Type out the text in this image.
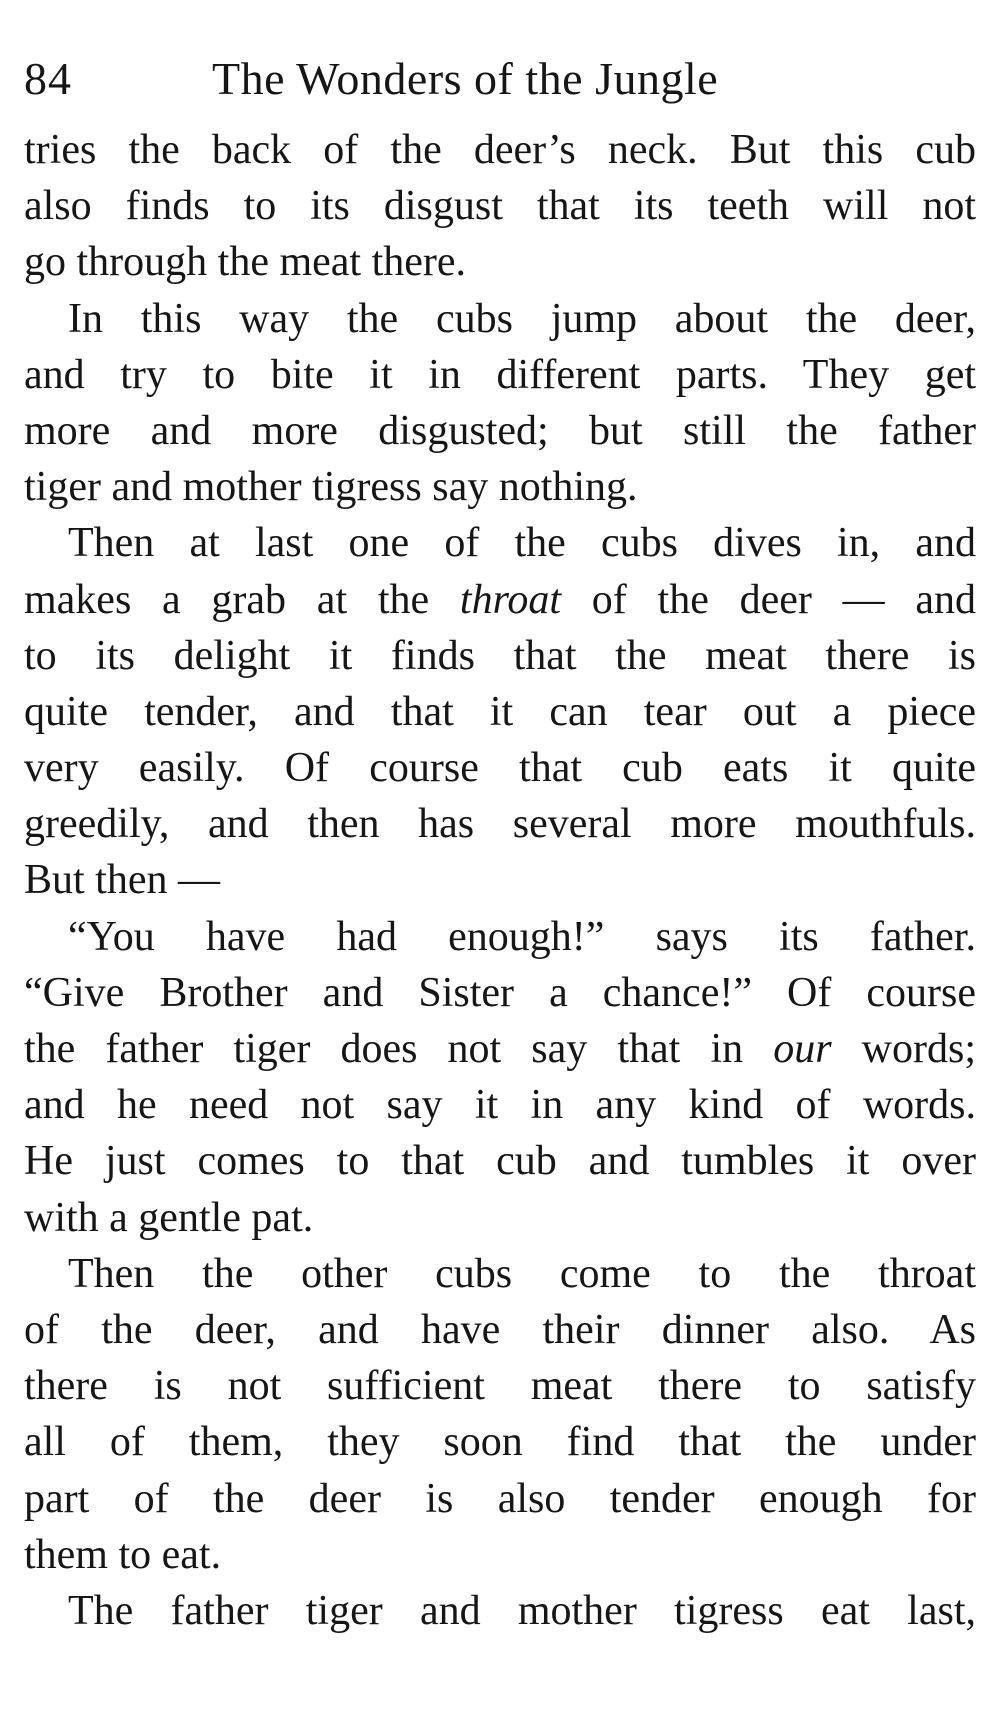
84	The Wonders of the Jungle
tries the back of the deer’s neck. But this cub
also finds to its disgust that its teeth will not
go through the meat there.
In this way the cubs jump about the deer,
and try to bite it in different parts. They get
more and more disgusted; but still the father
tiger and mother tigress say nothing.
Then at last one of the cubs dives in, and
makes a grab at the throat of the deer — and
to its delight it finds that the meat there is
quite tender, and that it can tear out a piece
very easily. Of course that cub eats it quite
greedily, and then has several more mouthfuls.
But then —
“You have had enough!” says its father.
“Give Brother and Sister a chance!” Of course
the father tiger does not say that in our words;
and he need not say it in any kind of words.
He just comes to that cub and tumbles it over
with a gentle pat.
Then the other cubs come to the throat
of the deer, and have their dinner also. As
there is not sufficient meat there to satisfy
all of them, they soon find that the under
part of the deer is also tender enough for
them to eat.
The father tiger and mother tigress eat last,
